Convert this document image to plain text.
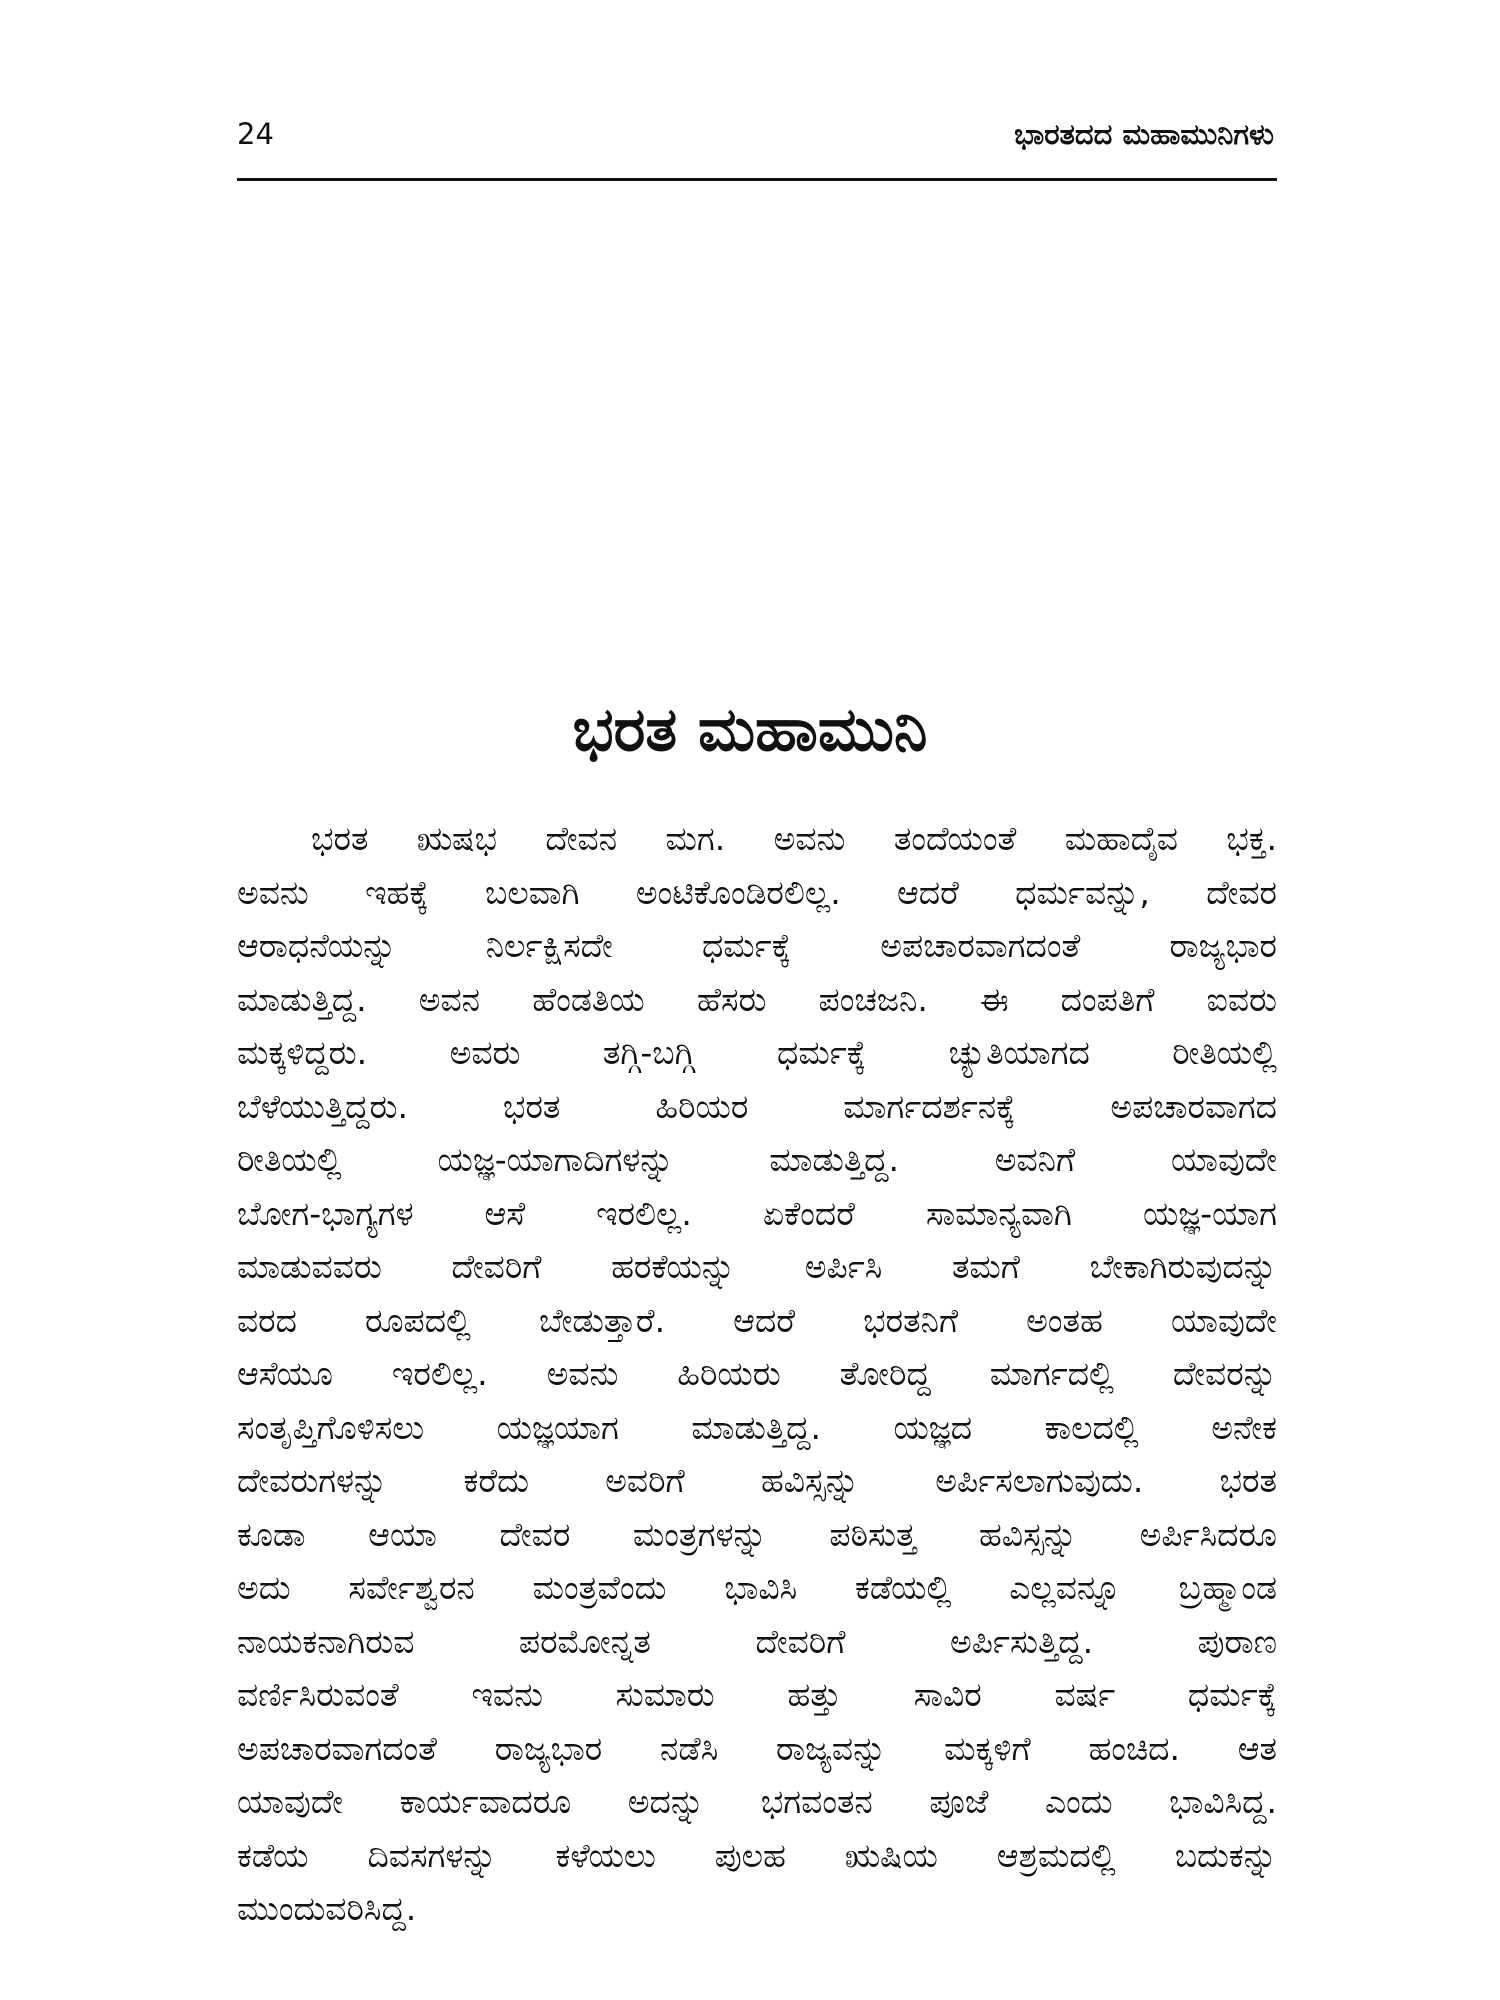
24	ಭಾರತದದ ಮಹಾಮುನಿಗಳು
ಭರತ ಮಹಾಮುನಿ
ಭರತ ಋಷಭ ದೇವನ ಮಗ. ಅವನು ತಂದೆಯಂತೆ ಮಹಾದೈವ ಭಕ್ತ.
ಅವನು ಇಹಕ್ಕೆ ಬಲವಾಗಿ ಅಂಟಿಕೊಂಡಿರಲಿಲ್ಲ. ಆದರೆ ಧರ್ಮವನ್ನು, ದೇವರ
ಆರಾಧನೆಯನ್ನು ನಿರ್ಲಕ್ಷಿಸದೇ ಧರ್ಮಕ್ಕೆ ಅಪಚಾರವಾಗದಂತೆ ರಾಜ್ಯಭಾರ
ಮಾಡುತ್ತಿದ್ದ. ಅವನ ಹೆಂಡತಿಯ ಹೆಸರು ಪಂಚಜನಿ. ಈ ದಂಪತಿಗೆ ಐವರು
ಮಕ್ಕಳಿದ್ದರು. ಅವರು ತಗ್ಗಿ-ಬಗ್ಗಿ ಧರ್ಮಕ್ಕೆ ಚ್ಯುತಿಯಾಗದ ರೀತಿಯಲ್ಲಿ
ಬೆಳೆಯುತ್ತಿದ್ದರು. ಭರತ ಹಿರಿಯರ ಮಾರ್ಗದರ್ಶನಕ್ಕೆ ಅಪಚಾರವಾಗದ
ರೀತಿಯಲ್ಲಿ ಯಜ್ಞ-ಯಾಗಾದಿಗಳನ್ನು ಮಾಡುತ್ತಿದ್ದ. ಅವನಿಗೆ ಯಾವುದೇ
ಬೋಗ-ಭಾಗ್ಯಗಳ ಆಸೆ ಇರಲಿಲ್ಲ. ಏಕೆಂದರೆ ಸಾಮಾನ್ಯವಾಗಿ ಯಜ್ಞ-ಯಾಗ
ಮಾಡುವವರು ದೇವರಿಗೆ ಹರಕೆಯನ್ನು ಅರ್ಪಿಸಿ ತಮಗೆ ಬೇಕಾಗಿರುವುದನ್ನು
ವರದ ರೂಪದಲ್ಲಿ ಬೇಡುತ್ತಾರೆ. ಆದರೆ ಭರತನಿಗೆ ಅಂತಹ ಯಾವುದೇ
ಆಸೆಯೂ ಇರಲಿಲ್ಲ. ಅವನು ಹಿರಿಯರು ತೋರಿದ್ದ ಮಾರ್ಗದಲ್ಲಿ ದೇವರನ್ನು
ಸಂತೃಪ್ತಿಗೊಳಿಸಲು ಯಜ್ಞಯಾಗ ಮಾಡುತ್ತಿದ್ದ. ಯಜ್ಞದ ಕಾಲದಲ್ಲಿ ಅನೇಕ
ದೇವರುಗಳನ್ನು ಕರೆದು ಅವರಿಗೆ ಹವಿಸ್ಸನ್ನು ಅರ್ಪಿಸಲಾಗುವುದು. ಭರತ
ಕೂಡಾ ಆಯಾ ದೇವರ ಮಂತ್ರಗಳನ್ನು ಪಠಿಸುತ್ತ ಹವಿಸ್ಸನ್ನು ಅರ್ಪಿಸಿದರೂ
ಅದು ಸರ್ವೇಶ್ವರನ ಮಂತ್ರವೆಂದು ಭಾವಿಸಿ ಕಡೆಯಲ್ಲಿ ಎಲ್ಲವನ್ನೂ ಬ್ರಹ್ಮಾಂಡ
ನಾಯಕನಾಗಿರುವ ಪರಮೋನ್ನತ ದೇವರಿಗೆ ಅರ್ಪಿಸುತ್ತಿದ್ದ. ಪುರಾಣ
ವರ್ಣಿಸಿರುವಂತೆ ಇವನು ಸುಮಾರು ಹತ್ತು ಸಾವಿರ ವರ್ಷ ಧರ್ಮಕ್ಕೆ
ಅಪಚಾರವಾಗದಂತೆ ರಾಜ್ಯಭಾರ ನಡೆಸಿ ರಾಜ್ಯವನ್ನು ಮಕ್ಕಳಿಗೆ ಹಂಚಿದ. ಆತ
ಯಾವುದೇ ಕಾರ್ಯವಾದರೂ ಅದನ್ನು ಭಗವಂತನ ಪೂಜೆ ಎಂದು ಭಾವಿಸಿದ್ದ.
ಕಡೆಯ ದಿವಸಗಳನ್ನು ಕಳೆಯಲು ಪುಲಹ ಋಷಿಯ ಆಶ್ರಮದಲ್ಲಿ ಬದುಕನ್ನು
ಮುಂದುವರಿಸಿದ್ದ.
